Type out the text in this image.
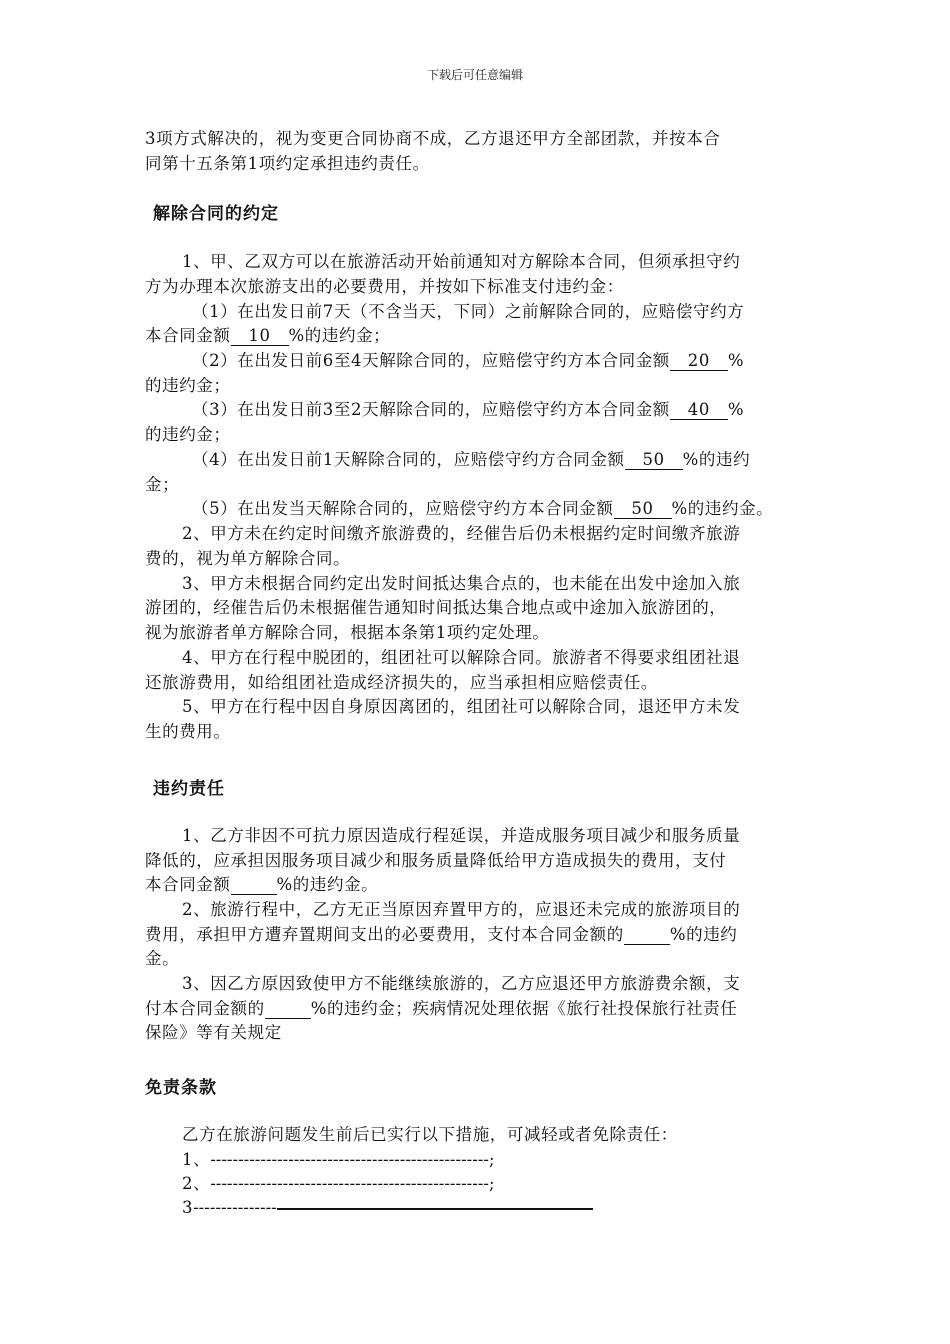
下载后可任意编辑
3项方式解决的，视为变更合同协商不成，乙方退还甲方全部团款，并按本合
同第十五条第1项约定承担违约责任。
解除合同的约定
1、甲、乙双方可以在旅游活动开始前通知对方解除本合同，但须承担守约
方为办理本次旅游支出的必要费用，并按如下标准支付违约金：
（1）在出发日前7天（不含当天，下同）之前解除合同的，应赔偿守约方
本合同金额 10 %的违约金；
（2）在出发日前6至4天解除合同的，应赔偿守约方本合同金额 20 %
的违约金；
（3）在出发日前3至2天解除合同的，应赔偿守约方本合同金额 40 %
的违约金；
（4）在出发日前1天解除合同的，应赔偿守约方合同金额 50 %的违约
金；
（5）在出发当天解除合同的，应赔偿守约方本合同金额 50 %的违约金。
2、甲方未在约定时间缴齐旅游费的，经催告后仍未根据约定时间缴齐旅游
费的，视为单方解除合同。
3、甲方未根据合同约定出发时间抵达集合点的，也未能在出发中途加入旅
游团的，经催告后仍未根据催告通知时间抵达集合地点或中途加入旅游团的，
视为旅游者单方解除合同，根据本条第1项约定处理。
4、甲方在行程中脱团的，组团社可以解除合同。旅游者不得要求组团社退
还旅游费用，如给组团社造成经济损失的，应当承担相应赔偿责任。
5、甲方在行程中因自身原因离团的，组团社可以解除合同，退还甲方未发
生的费用。
违约责任
1、乙方非因不可抗力原因造成行程延误，并造成服务项目减少和服务质量
降低的，应承担因服务项目减少和服务质量降低给甲方造成损失的费用，支付
本合同金额	%的违约金。
2、旅游行程中，乙方无正当原因弃置甲方的，应退还未完成的旅游项目的
费用，承担甲方遭弃置期间支出的必要费用，支付本合同金额的	%的违约
金。
3、因乙方原因致使甲方不能继续旅游的，乙方应退还甲方旅游费余额，支
付本合同金额的	%的违约金；疾病情况处理依据《旅行社投保旅行社责任
保险》等有关规定
免责条款
乙方在旅游问题发生前后已实行以下措施，可减轻或者免除责任：
1、--------------------------------------------------;
2、--------------------------------------------------;
3---------------
